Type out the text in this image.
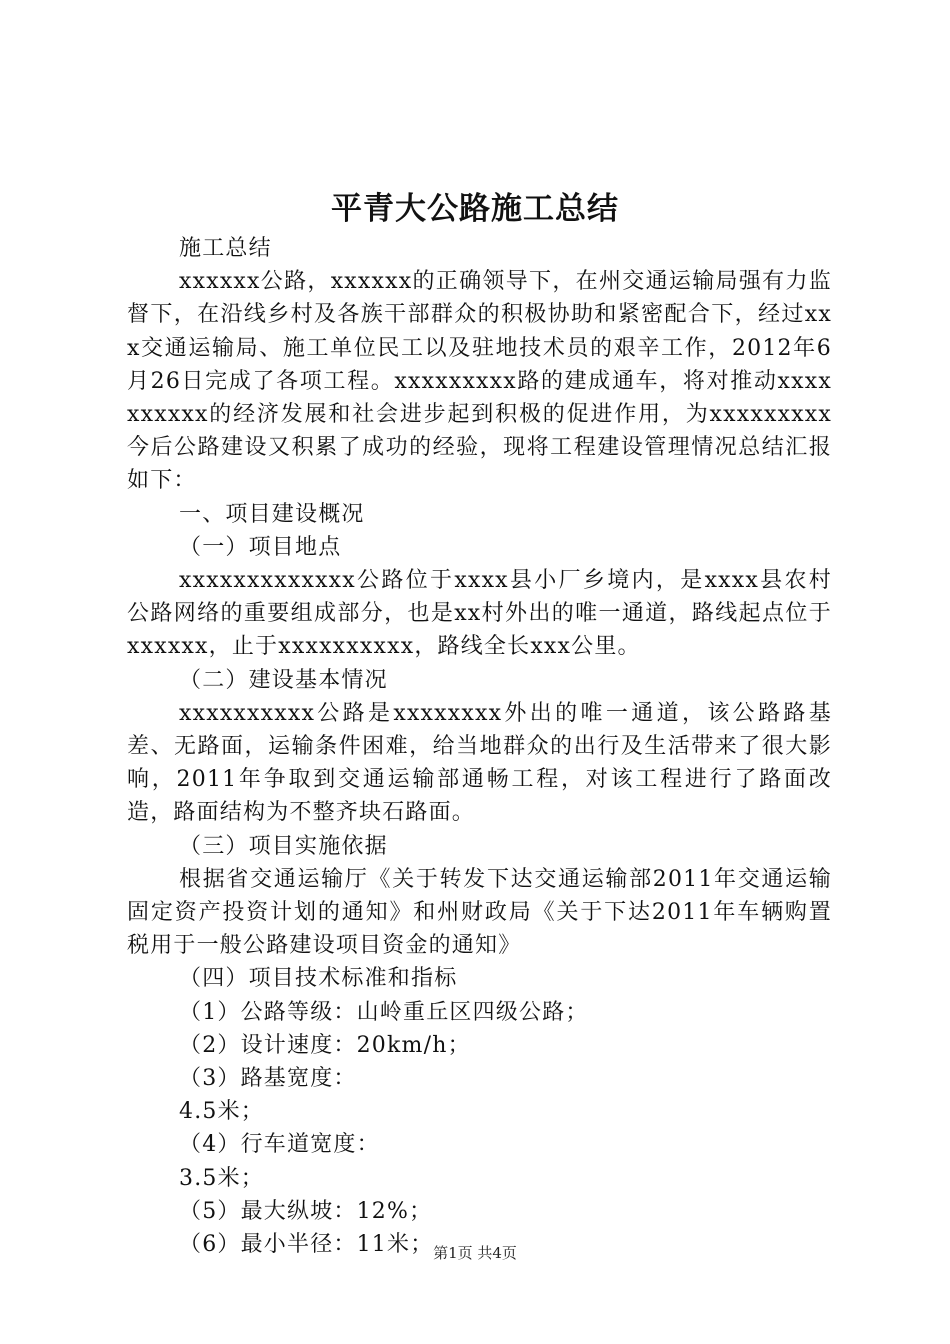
平青大公路施工总结

施工总结

xxxxxx公路，xxxxxx的正确领导下，在州交通运输局强有力监督下，在沿线乡村及各族干部群众的积极协助和紧密配合下，经过xxx交通运输局、施工单位民工以及驻地技术员的艰辛工作，2012年6月26日完成了各项工程。xxxxxxxxx路的建成通车，将对推动xxxxxxxxxx的经济发展和社会进步起到积极的促进作用，为xxxxxxxxx今后公路建设又积累了成功的经验，现将工程建设管理情况总结汇报如下：

一、项目建设概况

（一）项目地点

xxxxxxxxxxxxx公路位于xxxx县小厂乡境内，是xxxx县农村公路网络的重要组成部分，也是xx村外出的唯一通道，路线起点位于xxxxxx，止于xxxxxxxxxx，路线全长xxx公里。

（二）建设基本情况

xxxxxxxxxx公路是xxxxxxxx外出的唯一通道，该公路路基差、无路面，运输条件困难，给当地群众的出行及生活带来了很大影响，2011年争取到交通运输部通畅工程，对该工程进行了路面改造，路面结构为不整齐块石路面。

（三）项目实施依据

根据省交通运输厅《关于转发下达交通运输部2011年交通运输固定资产投资计划的通知》和州财政局《关于下达2011年车辆购置税用于一般公路建设项目资金的通知》

（四）项目技术标准和指标

（1）公路等级：山岭重丘区四级公路；

（2）设计速度：20km/h；

（3）路基宽度：

4.5米；

（4）行车道宽度：

3.5米；

（5）最大纵坡：12%；

（6）最小半径：11米； 第1页 共4页
